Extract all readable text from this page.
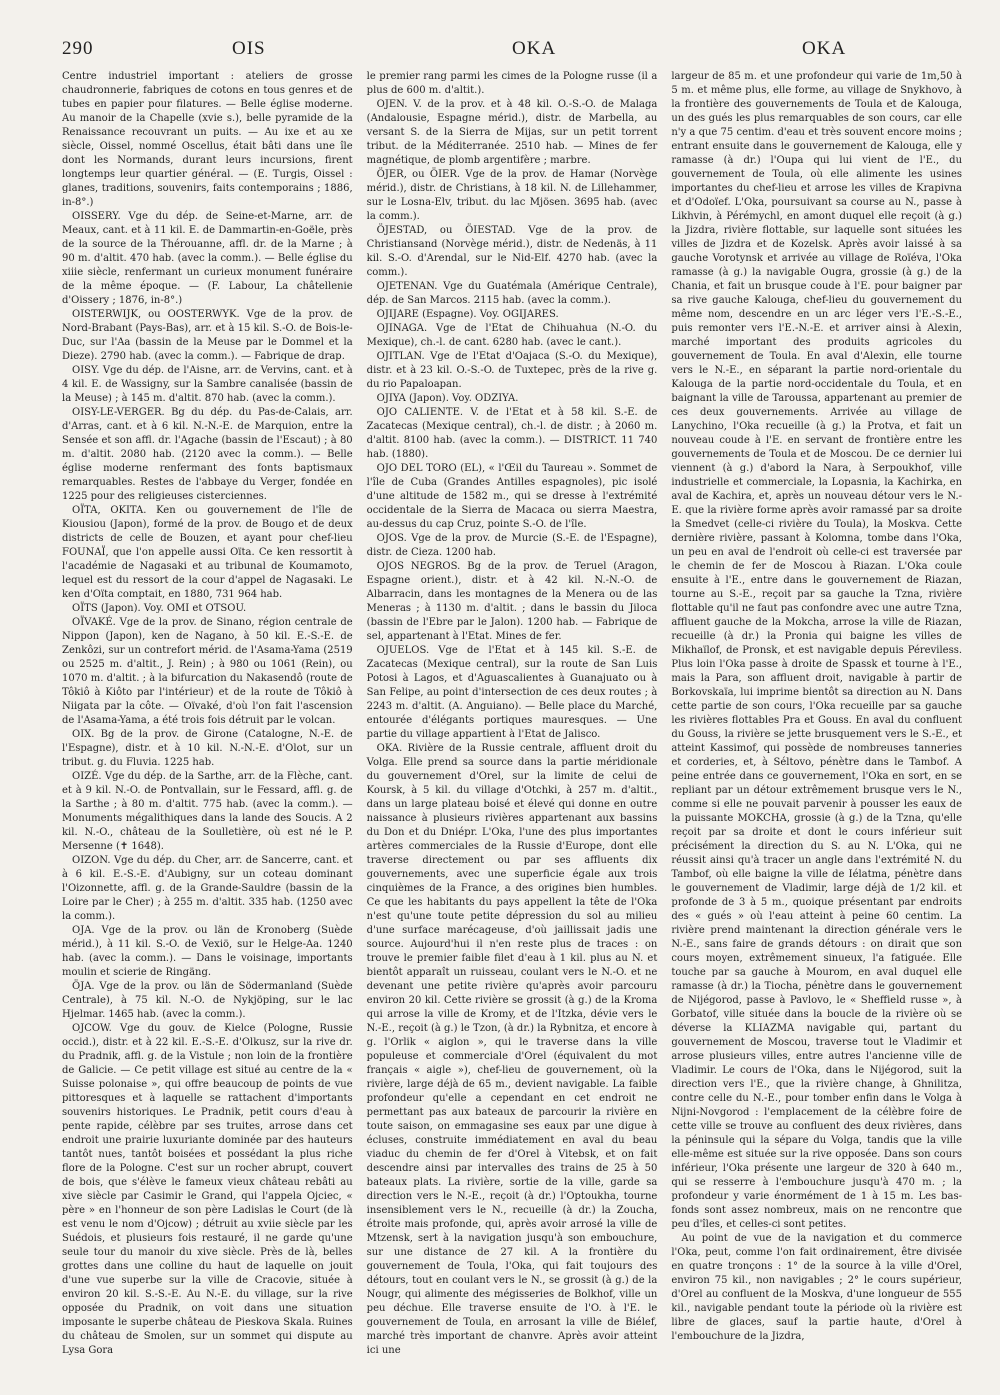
290	OIS	OKA	OKA

Centre industriel important : ateliers de grosse chaudronnerie, fabriques de cotons en tous genres et de tubes en papier pour filatures. — Belle église moderne. Au manoir de la Chapelle (xvie s.), belle pyramide de la Renaissance recouvrant un puits. — Au ixe et au xe siècle, Oissel, nommé Oscellus, était bâti dans une île dont les Normands, durant leurs incursions, firent longtemps leur quartier général. — (E. Turgis, Oissel : glanes, traditions, souvenirs, faits contemporains ; 1886, in-8°.)

OISSERY. Vge du dép. de Seine-et-Marne, arr. de Meaux, cant. et à 11 kil. E. de Dammartin-en-Goële, près de la source de la Thérouanne, affl. dr. de la Marne ; à 90 m. d'altit. 470 hab. (avec la comm.). — Belle église du xiiie siècle, renfermant un curieux monument funéraire de la même époque. — (F. Labour, La châtellenie d'Oissery ; 1876, in-8°.)

OISTERWIJK, ou OOSTERWYK. Vge de la prov. de Nord-Brabant (Pays-Bas), arr. et à 15 kil. S.-O. de Bois-le-Duc, sur l'Aa (bassin de la Meuse par le Dommel et la Dieze). 2790 hab. (avec la comm.). — Fabrique de drap.

OISY. Vge du dép. de l'Aisne, arr. de Vervins, cant. et à 4 kil. E. de Wassigny, sur la Sambre canalisée (bassin de la Meuse) ; à 145 m. d'altit. 870 hab. (avec la comm.).

OISY-LE-VERGER. Bg du dép. du Pas-de-Calais, arr. d'Arras, cant. et à 6 kil. N.-N.-E. de Marquion, entre la Sensée et son affl. dr. l'Agache (bassin de l'Escaut) ; à 80 m. d'altit. 2080 hab. (2120 avec la comm.). — Belle église moderne renfermant des fonts baptismaux remarquables. Restes de l'abbaye du Verger, fondée en 1225 pour des religieuses cisterciennes.

OÏTA, OKITA. Ken ou gouvernement de l'île de Kiousiou (Japon), formé de la prov. de Bougo et de deux districts de celle de Bouzen, et ayant pour chef-lieu FOUNAÏ, que l'on appelle aussi Oïta. Ce ken ressortit à l'académie de Nagasaki et au tribunal de Koumamoto, lequel est du ressort de la cour d'appel de Nagasaki. Le ken d'Oïta comptait, en 1880, 731 964 hab.

OÏTS (Japon). Voy. OMI et OTSOU.

OÏVAKÉ. Vge de la prov. de Sinano, région centrale de Nippon (Japon), ken de Nagano, à 50 kil. E.-S.-E. de Zenkôzi, sur un contrefort mérid. de l'Asama-Yama (2519 ou 2525 m. d'altit., J. Rein) ; à 980 ou 1061 (Rein), ou 1070 m. d'altit. ; à la bifurcation du Nakasendô (route de Tôkiô à Kiôto par l'intérieur) et de la route de Tôkiô à Niigata par la côte. — Oïvaké, d'où l'on fait l'ascension de l'Asama-Yama, a été trois fois détruit par le volcan.

OIX. Bg de la prov. de Girone (Catalogne, N.-E. de l'Espagne), distr. et à 10 kil. N.-N.-E. d'Olot, sur un tribut. g. du Fluvia. 1225 hab.

OIZÉ. Vge du dép. de la Sarthe, arr. de la Flèche, cant. et à 9 kil. N.-O. de Pontvallain, sur le Fessard, affl. g. de la Sarthe ; à 80 m. d'altit. 775 hab. (avec la comm.). — Monuments mégalithiques dans la lande des Soucis. A 2 kil. N.-O., château de la Soulletière, où est né le P. Mersenne (✝ 1648).

OIZON. Vge du dép. du Cher, arr. de Sancerre, cant. et à 6 kil. E.-S.-E. d'Aubigny, sur un coteau dominant l'Oizonnette, affl. g. de la Grande-Sauldre (bassin de la Loire par le Cher) ; à 255 m. d'altit. 335 hab. (1250 avec la comm.).

OJA. Vge de la prov. ou län de Kronoberg (Suède mérid.), à 11 kil. S.-O. de Vexiö, sur le Helge-Aa. 1240 hab. (avec la comm.). — Dans le voisinage, importants moulin et scierie de Ringäng.

ÖJA. Vge de la prov. ou län de Södermanland (Suède Centrale), à 75 kil. N.-O. de Nykjöping, sur le lac Hjelmar. 1465 hab. (avec la comm.).

OJCOW. Vge du gouv. de Kielce (Pologne, Russie occid.), distr. et à 22 kil. E.-S.-E. d'Olkusz, sur la rive dr. du Pradnik, affl. g. de la Vistule ; non loin de la frontière de Galicie. — Ce petit village est situé au centre de la « Suisse polonaise », qui offre beaucoup de points de vue pittoresques et à laquelle se rattachent d'importants souvenirs historiques. Le Pradnik, petit cours d'eau à pente rapide, célèbre par ses truites, arrose dans cet endroit une prairie luxuriante dominée par des hauteurs tantôt nues, tantôt boisées et possédant la plus riche flore de la Pologne. C'est sur un rocher abrupt, couvert de bois, que s'élève le fameux vieux château rebâti au xive siècle par Casimir le Grand, qui l'appela Ojciec, « père » en l'honneur de son père Ladislas le Court (de là est venu le nom d'Ojcow) ; détruit au xviie siècle par les Suédois, et plusieurs fois restauré, il ne garde qu'une seule tour du manoir du xive siècle. Près de là, belles grottes dans une colline du haut de laquelle on jouit d'une vue superbe sur la ville de Cracovie, située à environ 20 kil. S.-S.-E. Au N.-E. du village, sur la rive opposée du Pradnik, on voit dans une situation imposante le superbe château de Pieskova Skala. Ruines du château de Smolen, sur un sommet qui dispute au Lysa Gora

le premier rang parmi les cimes de la Pologne russe (il a plus de 600 m. d'altit.).

OJEN. V. de la prov. et à 48 kil. O.-S.-O. de Malaga (Andalousie, Espagne mérid.), distr. de Marbella, au versant S. de la Sierra de Mijas, sur un petit torrent tribut. de la Méditerranée. 2510 hab. — Mines de fer magnétique, de plomb argentifère ; marbre.

ÖJER, ou ÖIER. Vge de la prov. de Hamar (Norvège mérid.), distr. de Christians, à 18 kil. N. de Lillehammer, sur le Losna-Elv, tribut. du lac Mjösen. 3695 hab. (avec la comm.).

ÖJESTAD, ou ÖIESTAD. Vge de la prov. de Christiansand (Norvège mérid.), distr. de Nedenäs, à 11 kil. S.-O. d'Arendal, sur le Nid-Elf. 4270 hab. (avec la comm.).

OJETENAN. Vge du Guatémala (Amérique Centrale), dép. de San Marcos. 2115 hab. (avec la comm.).

OJIJARE (Espagne). Voy. OGIJARES.

OJINAGA. Vge de l'Etat de Chihuahua (N.-O. du Mexique), ch.-l. de cant. 6280 hab. (avec le cant.).

OJITLAN. Vge de l'Etat d'Oajaca (S.-O. du Mexique), distr. et à 23 kil. O.-S.-O. de Tuxtepec, près de la rive g. du rio Papaloapan.

OJIYA (Japon). Voy. ODZIYA.

OJO CALIENTE. V. de l'Etat et à 58 kil. S.-E. de Zacatecas (Mexique central), ch.-l. de distr. ; à 2060 m. d'altit. 8100 hab. (avec la comm.). — DISTRICT. 11 740 hab. (1880).

OJO DEL TORO (EL), « l'Œil du Taureau ». Sommet de l'île de Cuba (Grandes Antilles espagnoles), pic isolé d'une altitude de 1582 m., qui se dresse à l'extrémité occidentale de la Sierra de Macaca ou sierra Maestra, au-dessus du cap Cruz, pointe S.-O. de l'île.

OJOS. Vge de la prov. de Murcie (S.-E. de l'Espagne), distr. de Cieza. 1200 hab.

OJOS NEGROS. Bg de la prov. de Teruel (Aragon, Espagne orient.), distr. et à 42 kil. N.-N.-O. de Albarracin, dans les montagnes de la Menera ou de las Meneras ; à 1130 m. d'altit. ; dans le bassin du Jiloca (bassin de l'Ebre par le Jalon). 1200 hab. — Fabrique de sel, appartenant à l'Etat. Mines de fer.

OJUELOS. Vge de l'Etat et à 145 kil. S.-E. de Zacatecas (Mexique central), sur la route de San Luis Potosi à Lagos, et d'Aguascalientes à Guanajuato ou à San Felipe, au point d'intersection de ces deux routes ; à 2243 m. d'altit. (A. Anguiano). — Belle place du Marché, entourée d'élégants portiques mauresques. — Une partie du village appartient à l'Etat de Jalisco.

OKA. Rivière de la Russie centrale, affluent droit du Volga. Elle prend sa source dans la partie méridionale du gouvernement d'Orel, sur la limite de celui de Koursk, à 5 kil. du village d'Otchki, à 257 m. d'altit., dans un large plateau boisé et élevé qui donne en outre naissance à plusieurs rivières appartenant aux bassins du Don et du Dniépr. L'Oka, l'une des plus importantes artères commerciales de la Russie d'Europe, dont elle traverse directement ou par ses affluents dix gouvernements, avec une superficie égale aux trois cinquièmes de la France, a des origines bien humbles. Ce que les habitants du pays appellent la tête de l'Oka n'est qu'une toute petite dépression du sol au milieu d'une surface marécageuse, d'où jaillissait jadis une source. Aujourd'hui il n'en reste plus de traces : on trouve le premier faible filet d'eau à 1 kil. plus au N. et bientôt apparaît un ruisseau, coulant vers le N.-O. et ne devenant une petite rivière qu'après avoir parcouru environ 20 kil. Cette rivière se grossit (à g.) de la Kroma qui arrose la ville de Kromy, et de l'Itzka, dévie vers le N.-E., reçoit (à g.) le Tzon, (à dr.) la Rybnitza, et encore à g. l'Orlik « aiglon », qui le traverse dans la ville populeuse et commerciale d'Orel (équivalent du mot français « aigle »), chef-lieu de gouvernement, où la rivière, large déjà de 65 m., devient navigable. La faible profondeur qu'elle a cependant en cet endroit ne permettant pas aux bateaux de parcourir la rivière en toute saison, on emmagasine ses eaux par une digue à écluses, construite immédiatement en aval du beau viaduc du chemin de fer d'Orel à Vitebsk, et on fait descendre ainsi par intervalles des trains de 25 à 50 bateaux plats. La rivière, sortie de la ville, garde sa direction vers le N.-E., reçoit (à dr.) l'Optoukha, tourne insensiblement vers le N., recueille (à dr.) la Zoucha, étroite mais profonde, qui, après avoir arrosé la ville de Mtzensk, sert à la navigation jusqu'à son embouchure, sur une distance de 27 kil. A la frontière du gouvernement de Toula, l'Oka, qui fait toujours des détours, tout en coulant vers le N., se grossit (à g.) de la Nougr, qui alimente des mégisseries de Bolkhof, ville un peu déchue. Elle traverse ensuite de l'O. à l'E. le gouvernement de Toula, en arrosant la ville de Biélef, marché très important de chanvre. Après avoir atteint ici une

largeur de 85 m. et une profondeur qui varie de 1m,50 à 5 m. et même plus, elle forme, au village de Snykhovo, à la frontière des gouvernements de Toula et de Kalouga, un des gués les plus remarquables de son cours, car elle n'y a que 75 centim. d'eau et très souvent encore moins ; entrant ensuite dans le gouvernement de Kalouga, elle y ramasse (à dr.) l'Oupa qui lui vient de l'E., du gouvernement de Toula, où elle alimente les usines importantes du chef-lieu et arrose les villes de Krapivna et d'Odoïef. L'Oka, poursuivant sa course au N., passe à Likhvin, à Pérémychl, en amont duquel elle reçoit (à g.) la Jizdra, rivière flottable, sur laquelle sont situées les villes de Jizdra et de Kozelsk. Après avoir laissé à sa gauche Vorotynsk et arrivée au village de Roïéva, l'Oka ramasse (à g.) la navigable Ougra, grossie (à g.) de la Chania, et fait un brusque coude à l'E. pour baigner par sa rive gauche Kalouga, chef-lieu du gouvernement du même nom, descendre en un arc léger vers l'E.-S.-E., puis remonter vers l'E.-N.-E. et arriver ainsi à Alexin, marché important des produits agricoles du gouvernement de Toula. En aval d'Alexin, elle tourne vers le N.-E., en séparant la partie nord-orientale du Kalouga de la partie nord-occidentale du Toula, et en baignant la ville de Taroussa, appartenant au premier de ces deux gouvernements. Arrivée au village de Lanychino, l'Oka recueille (à g.) la Protva, et fait un nouveau coude à l'E. en servant de frontière entre les gouvernements de Toula et de Moscou. De ce dernier lui viennent (à g.) d'abord la Nara, à Serpoukhof, ville industrielle et commerciale, la Lopasnia, la Kachirka, en aval de Kachira, et, après un nouveau détour vers le N.-E. que la rivière forme après avoir ramassé par sa droite la Smedvet (celle-ci rivière du Toula), la Moskva. Cette dernière rivière, passant à Kolomna, tombe dans l'Oka, un peu en aval de l'endroit où celle-ci est traversée par le chemin de fer de Moscou à Riazan. L'Oka coule ensuite à l'E., entre dans le gouvernement de Riazan, tourne au S.-E., reçoit par sa gauche la Tzna, rivière flottable qu'il ne faut pas confondre avec une autre Tzna, affluent gauche de la Mokcha, arrose la ville de Riazan, recueille (à dr.) la Pronia qui baigne les villes de Mikhaïlof, de Pronsk, et est navigable depuis Péreviless. Plus loin l'Oka passe à droite de Spassk et tourne à l'E., mais la Para, son affluent droit, navigable à partir de Borkovskaïa, lui imprime bientôt sa direction au N. Dans cette partie de son cours, l'Oka recueille par sa gauche les rivières flottables Pra et Gouss. En aval du confluent du Gouss, la rivière se jette brusquement vers le S.-E., et atteint Kassimof, qui possède de nombreuses tanneries et corderies, et, à Séltovo, pénètre dans le Tambof. A peine entrée dans ce gouvernement, l'Oka en sort, en se repliant par un détour extrêmement brusque vers le N., comme si elle ne pouvait parvenir à pousser les eaux de la puissante MOKCHA, grossie (à g.) de la Tzna, qu'elle reçoit par sa droite et dont le cours inférieur suit précisément la direction du S. au N. L'Oka, qui ne réussit ainsi qu'à tracer un angle dans l'extrémité N. du Tambof, où elle baigne la ville de Iélatma, pénètre dans le gouvernement de Vladimir, large déjà de 1/2 kil. et profonde de 3 à 5 m., quoique présentant par endroits des « gués » où l'eau atteint à peine 60 centim. La rivière prend maintenant la direction générale vers le N.-E., sans faire de grands détours : on dirait que son cours moyen, extrêmement sinueux, l'a fatiguée. Elle touche par sa gauche à Mourom, en aval duquel elle ramasse (à dr.) la Tiocha, pénètre dans le gouvernement de Nijégorod, passe à Pavlovo, le « Sheffield russe », à Gorbatof, ville située dans la boucle de la rivière où se déverse la KLIAZMA navigable qui, partant du gouvernement de Moscou, traverse tout le Vladimir et arrose plusieurs villes, entre autres l'ancienne ville de Vladimir. Le cours de l'Oka, dans le Nijégorod, suit la direction vers l'E., que la rivière change, à Ghnilitza, contre celle du N.-E., pour tomber enfin dans le Volga à Nijni-Novgorod : l'emplacement de la célèbre foire de cette ville se trouve au confluent des deux rivières, dans la péninsule qui la sépare du Volga, tandis que la ville elle-même est située sur la rive opposée. Dans son cours inférieur, l'Oka présente une largeur de 320 à 640 m., qui se resserre à l'embouchure jusqu'à 470 m. ; la profondeur y varie énormément de 1 à 15 m. Les bas-fonds sont assez nombreux, mais on ne rencontre que peu d'îles, et celles-ci sont petites.

Au point de vue de la navigation et du commerce l'Oka, peut, comme l'on fait ordinairement, être divisée en quatre tronçons : 1° de la source à la ville d'Orel, environ 75 kil., non navigables ; 2° le cours supérieur, d'Orel au confluent de la Moskva, d'une longueur de 555 kil., navigable pendant toute la période où la rivière est libre de glaces, sauf la partie haute, d'Orel à l'embouchure de la Jizdra,
